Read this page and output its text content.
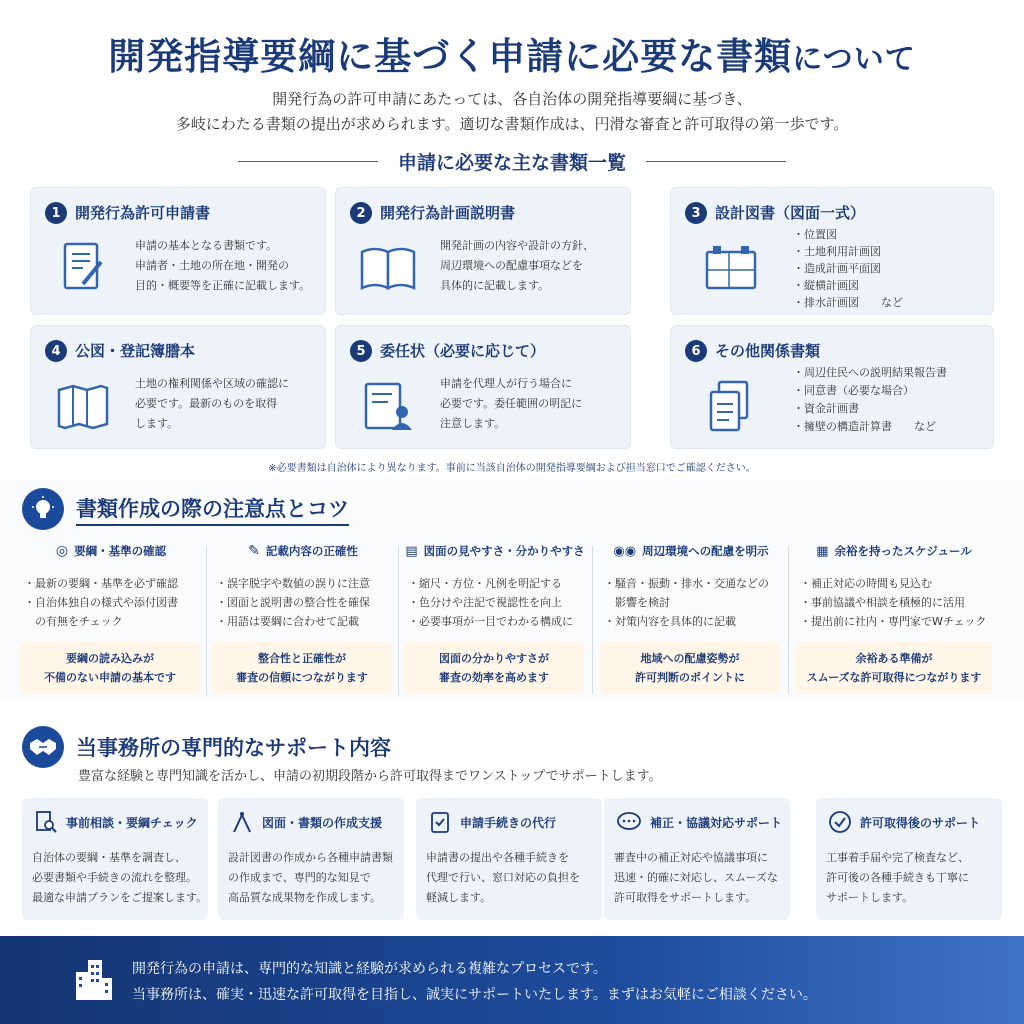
開発指導要綱に基づく申請に必要な書類について
開発行為の許可申請にあたっては、各自治体の開発指導要綱に基づき、
多岐にわたる書類の提出が求められます。適切な書類作成は、円滑な審査と許可取得の第一歩です。
申請に必要な主な書類一覧
1 開発行為許可申請書
申請の基本となる書類です。
申請者・土地の所在地・開発の
目的・概要等を正確に記載します。
2 開発行為計画説明書
開発計画の内容や設計の方針、
周辺環境への配慮事項などを
具体的に記載します。
3 設計図書（図面一式）
・位置図
・土地利用計画図
・造成計画平面図
・縦横計画図
・排水計画図　　など
4 公図・登記簿謄本
土地の権利関係や区域の確認に
必要です。最新のものを取得
します。
5 委任状（必要に応じて）
申請を代理人が行う場合に
必要です。委任範囲の明記に
注意します。
6 その他関係書類
・周辺住民への説明結果報告書
・同意書（必要な場合）
・資金計画書
・擁壁の構造計算書　　など
※必要書類は自治体により異なります。事前に当該自治体の開発指導要綱および担当窓口でご確認ください。
書類作成の際の注意点とコツ
◎ 要綱・基準の確認
・最新の要綱・基準を必ず確認
・自治体独自の様式や添付図書
　の有無をチェック
要綱の読み込みが
不備のない申請の基本です
✎ 記載内容の正確性
・誤字脱字や数値の誤りに注意
・図面と説明書の整合性を確保
・用語は要綱に合わせて記載
整合性と正確性が
審査の信頼につながります
▤ 図面の見やすさ・分かりやすさ
・縮尺・方位・凡例を明記する
・色分けや注記で視認性を向上
・必要事項が一目でわかる構成に
図面の分かりやすさが
審査の効率を高めます
◉◉ 周辺環境への配慮を明示
・騒音・振動・排水・交通などの
　影響を検討
・対策内容を具体的に記載
地域への配慮姿勢が
許可判断のポイントに
▦ 余裕を持ったスケジュール
・補正対応の時間も見込む
・事前協議や相談を積極的に活用
・提出前に社内・専門家でWチェック
余裕ある準備が
スムーズな許可取得につながります
当事務所の専門的なサポート内容
豊富な経験と専門知識を活かし、申請の初期段階から許可取得までワンストップでサポートします。
事前相談・要綱チェック
自治体の要綱・基準を調査し、
必要書類や手続きの流れを整理。
最適な申請プランをご提案します。
図面・書類の作成支援
設計図書の作成から各種申請書類
の作成まで、専門的な知見で
高品質な成果物を作成します。
申請手続きの代行
申請書の提出や各種手続きを
代理で行い、窓口対応の負担を
軽減します。
補正・協議対応サポート
審査中の補正対応や協議事項に
迅速・的確に対応し、スムーズな
許可取得をサポートします。
許可取得後のサポート
工事着手届や完了検査など、
許可後の各種手続きも丁寧に
サポートします。
開発行為の申請は、専門的な知識と経験が求められる複雑なプロセスです。
当事務所は、確実・迅速な許可取得を目指し、誠実にサポートいたします。まずはお気軽にご相談ください。
